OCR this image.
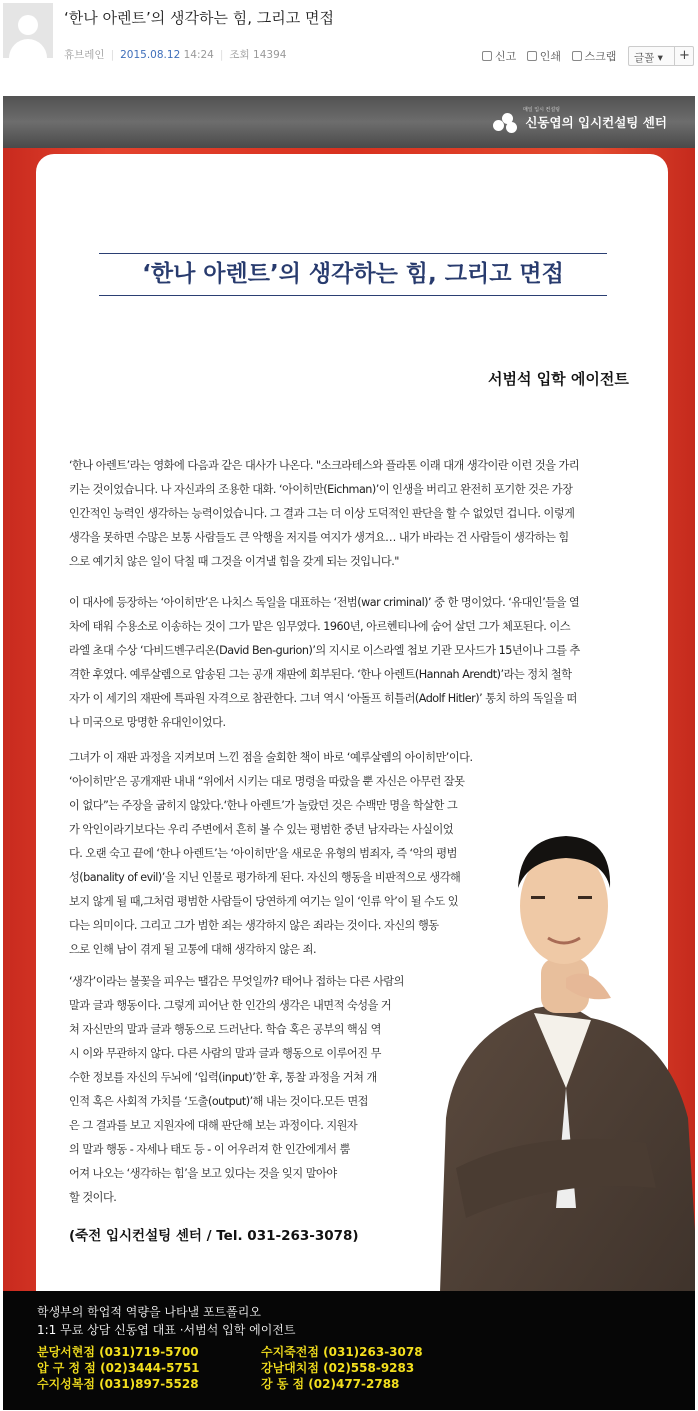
‘한나 아렌트’의 생각하는 힘, 그리고 면접
휴브레인 | 2015.08.12 14:24 | 조회 14394	신고 인쇄 스크랩	글꼴 ▾ +

매일 입시 컨설팅
신동엽의 입시컨설팅 센터
‘한나 아렌트’의 생각하는 힘, 그리고 면접
서범석 입학 에이전트
‘한나 아렌트’라는 영화에 다음과 같은 대사가 나온다. "소크라테스와 플라톤 이래 대개 생각이란 이런 것을 가리
키는 것이었습니다. 나 자신과의 조용한 대화. ‘아이히만(Eichman)’이 인생을 버리고 완전히 포기한 것은 가장
인간적인 능력인 생각하는 능력이었습니다. 그 결과 그는 더 이상 도덕적인 판단을 할 수 없었던 겁니다. 이렇게
생각을 못하면 수많은 보통 사람들도 큰 악행을 저지를 여지가 생겨요… 내가 바라는 건 사람들이 생각하는 힘
으로 예기치 않은 일이 닥칠 때 그것을 이겨낼 힘을 갖게 되는 것입니다."
이 대사에 등장하는 ‘아이히만’은 나치스 독일을 대표하는 ‘전범(war criminal)’ 중 한 명이었다. ‘유대인’들을 열
차에 태워 수용소로 이송하는 것이 그가 맡은 임무였다. 1960년, 아르헨티나에 숨어 살던 그가 체포된다. 이스
라엘 초대 수상 ‘다비드벤구리온(David Ben-gurion)’의 지시로 이스라엘 첩보 기관 모사드가 15년이나 그를 추
격한 후였다. 예루살렘으로 압송된 그는 공개 재판에 회부된다. ‘한나 아렌트(Hannah Arendt)’라는 정치 철학
자가 이 세기의 재판에 특파원 자격으로 참관한다. 그녀 역시 ‘아돌프 히틀러(Adolf Hitler)’ 통치 하의 독일을 떠
나 미국으로 망명한 유대인이었다.
그녀가 이 재판 과정을 지켜보며 느낀 점을 술회한 책이 바로 ‘예루살렘의 아이히만’이다.
‘아이히만’은 공개재판 내내 “위에서 시키는 대로 명령을 따랐을 뿐 자신은 아무런 잘못
이 없다”는 주장을 굽히지 않았다.‘한나 아렌트’가 놀랐던 것은 수백만 명을 학살한 그
가 악인이라기보다는 우리 주변에서 흔히 볼 수 있는 평범한 중년 남자라는 사실이었
다. 오랜 숙고 끝에 ‘한나 아렌트’는 ‘아이히만’을 새로운 유형의 범죄자, 즉 ‘악의 평범
성(banality of evil)’을 지닌 인물로 평가하게 된다. 자신의 행동을 비판적으로 생각해
보지 않게 될 때,그처럼 평범한 사람들이 당연하게 여기는 일이 ‘인류 악’이 될 수도 있
다는 의미이다. 그리고 그가 범한 죄는 생각하지 않은 죄라는 것이다. 자신의 행동
으로 인해 남이 겪게 될 고통에 대해 생각하지 않은 죄.
‘생각’이라는 불꽃을 피우는 땔감은 무엇일까? 태어나 접하는 다른 사람의
말과 글과 행동이다. 그렇게 피어난 한 인간의 생각은 내면적 숙성을 거
쳐 자신만의 말과 글과 행동으로 드러난다. 학습 혹은 공부의 핵심 역
시 이와 무관하지 않다. 다른 사람의 말과 글과 행동으로 이루어진 무
수한 정보를 자신의 두뇌에 ‘입력(input)’한 후, 통찰 과정을 거쳐 개
인적 혹은 사회적 가치를 ‘도출(output)’해 내는 것이다.모든 면접
은 그 결과를 보고 지원자에 대해 판단해 보는 과정이다. 지원자
의 말과 행동 - 자세나 태도 등 - 이 어우러져 한 인간에게서 뿜
어져 나오는 ‘생각하는 힘’을 보고 있다는 것을 잊지 말아야
할 것이다.
(죽전 입시컨설팅 센터 / Tel. 031-263-3078)
학생부의 학업적 역량을 나타낼 포트폴리오
1:1 무료 상담 신동엽 대표 ·서범석 입학 에이전트
분당서현점 (031)719-5700
압 구 정 점 (02)3444-5751
수지성복점 (031)897-5528
수지죽전점 (031)263-3078
강남대치점 (02)558-9283
강 동 점 (02)477-2788
